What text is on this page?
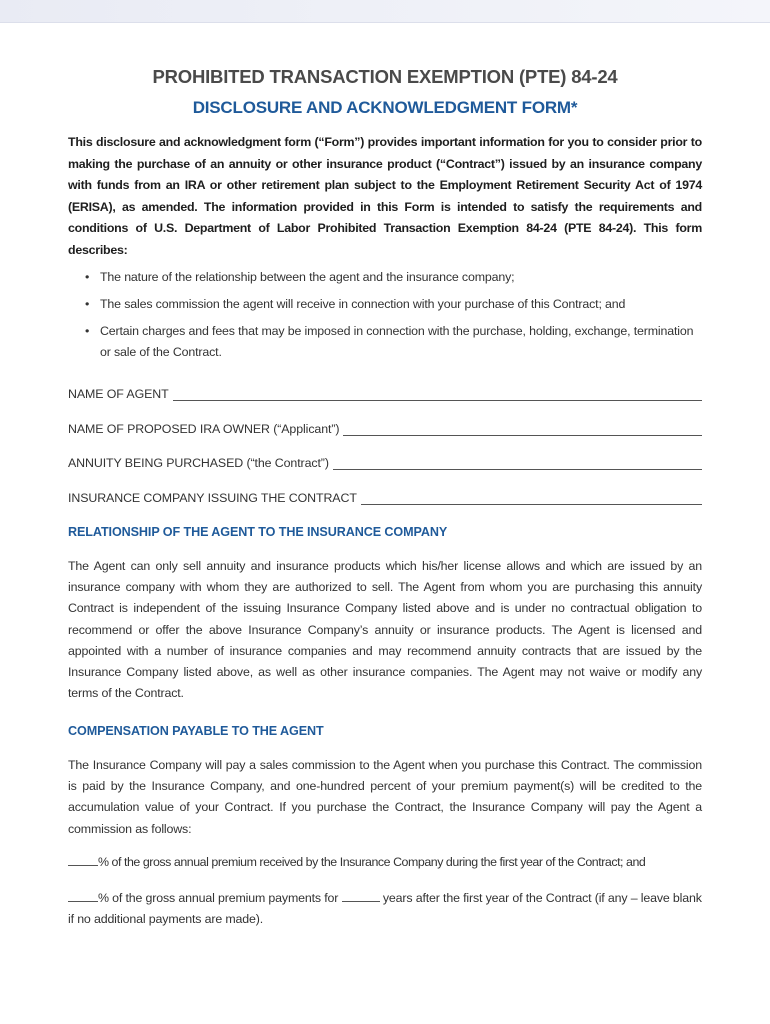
PROHIBITED TRANSACTION EXEMPTION (PTE) 84-24
DISCLOSURE AND ACKNOWLEDGMENT FORM*

This disclosure and acknowledgment form (“Form”) provides important information for you to consider prior to making the purchase of an annuity or other insurance product (“Contract”) issued by an insurance company with funds from an IRA or other retirement plan subject to the Employment Retirement Security Act of 1974 (ERISA), as amended. The information provided in this Form is intended to satisfy the requirements and conditions of U.S. Department of Labor Prohibited Transaction Exemption 84-24 (PTE 84-24). This form describes:

• The nature of the relationship between the agent and the insurance company;
• The sales commission the agent will receive in connection with your purchase of this Contract; and
• Certain charges and fees that may be imposed in connection with the purchase, holding, exchange, termination or sale of the Contract.
NAME OF AGENT
NAME OF PROPOSED IRA OWNER (“Applicant”)
ANNUITY BEING PURCHASED (“the Contract”)
INSURANCE COMPANY ISSUING THE CONTRACT
RELATIONSHIP OF THE AGENT TO THE INSURANCE COMPANY

The Agent can only sell annuity and insurance products which his/her license allows and which are issued by an insurance company with whom they are authorized to sell. The Agent from whom you are purchasing this annuity Contract is independent of the issuing Insurance Company listed above and is under no contractual obligation to recommend or offer the above Insurance Company’s annuity or insurance products. The Agent is licensed and appointed with a number of insurance companies and may recommend annuity contracts that are issued by the Insurance Company listed above, as well as other insurance companies. The Agent may not waive or modify any terms of the Contract.

COMPENSATION PAYABLE TO THE AGENT

The Insurance Company will pay a sales commission to the Agent when you purchase this Contract. The commission is paid by the Insurance Company, and one-hundred percent of your premium payment(s) will be credited to the accumulation value of your Contract. If you purchase the Contract, the Insurance Company will pay the Agent a commission as follows:

% of the gross annual premium received by the Insurance Company during the first year of the Contract; and

% of the gross annual premium payments for	years after the first year of the Contract (if any – leave blank if no additional payments are made).
